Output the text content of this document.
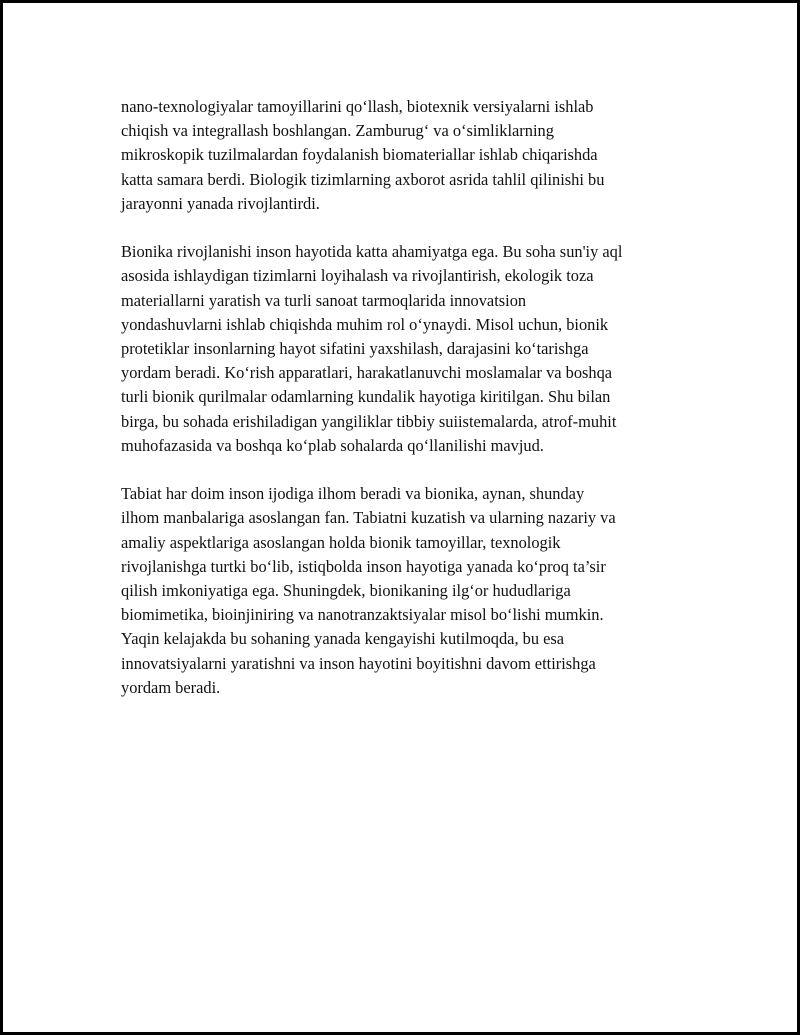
nano-texnologiyalar tamoyillarini qo‘llash, biotexnik versiyalarni ishlab
chiqish va integrallash boshlangan. Zamburug‘ va o‘simliklarning
mikroskopik tuzilmalardan foydalanish biomateriallar ishlab chiqarishda
katta samara berdi. Biologik tizimlarning axborot asrida tahlil qilinishi bu
jarayonni yanada rivojlantirdi.

Bionika rivojlanishi inson hayotida katta ahamiyatga ega. Bu soha sun'iy aql
asosida ishlaydigan tizimlarni loyihalash va rivojlantirish, ekologik toza
materiallarni yaratish va turli sanoat tarmoqlarida innovatsion
yondashuvlarni ishlab chiqishda muhim rol o‘ynaydi. Misol uchun, bionik
protetiklar insonlarning hayot sifatini yaxshilash, darajasini ko‘tarishga
yordam beradi. Ko‘rish apparatlari, harakatlanuvchi moslamalar va boshqa
turli bionik qurilmalar odamlarning kundalik hayotiga kiritilgan. Shu bilan
birga, bu sohada erishiladigan yangiliklar tibbiy suiistemalarda, atrof-muhit
muhofazasida va boshqa ko‘plab sohalarda qo‘llanilishi mavjud.

Tabiat har doim inson ijodiga ilhom beradi va bionika, aynan, shunday
ilhom manbalariga asoslangan fan. Tabiatni kuzatish va ularning nazariy va
amaliy aspektlariga asoslangan holda bionik tamoyillar, texnologik
rivojlanishga turtki bo‘lib, istiqbolda inson hayotiga yanada ko‘proq ta’sir
qilish imkoniyatiga ega. Shuningdek, bionikaning ilg‘or hududlariga
biomimetika, bioinjiniring va nanotranzaktsiyalar misol bo‘lishi mumkin.
Yaqin kelajakda bu sohaning yanada kengayishi kutilmoqda, bu esa
innovatsiyalarni yaratishni va inson hayotini boyitishni davom ettirishga
yordam beradi.
